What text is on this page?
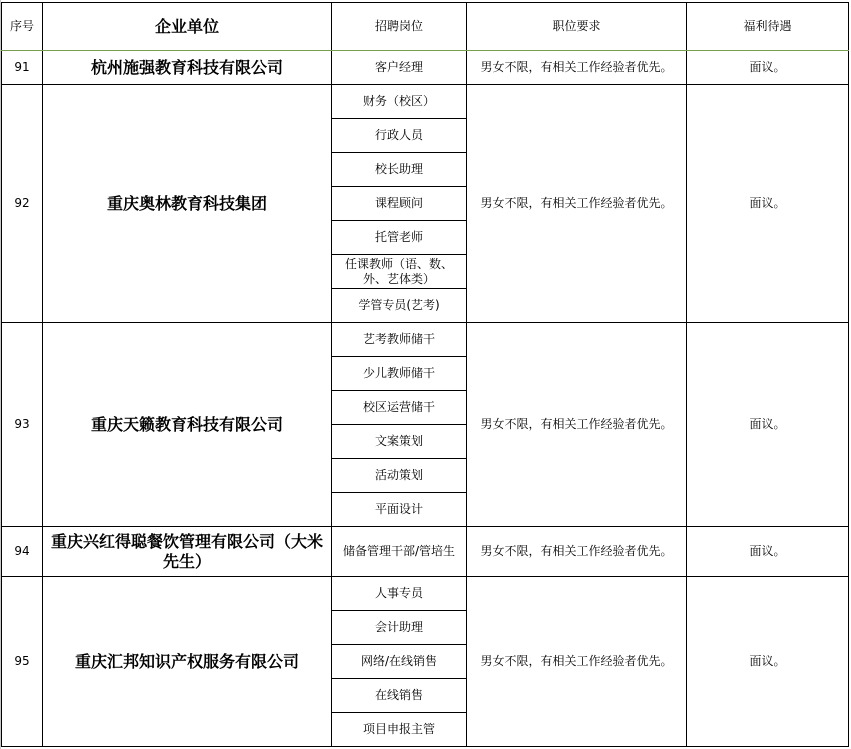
序号	企业单位	招聘岗位	职位要求	福利待遇
91	杭州施强教育科技有限公司	客户经理	男女不限，有相关工作经验者优先。	面议。
92	重庆奥林教育科技集团	财务（校区）	男女不限，有相关工作经验者优先。	面议。
		行政人员		
		校长助理		
		课程顾问		
		托管老师		
		任课教师（语、数、外、艺体类）		
		学管专员(艺考)		
93	重庆天籁教育科技有限公司	艺考教师储干	男女不限，有相关工作经验者优先。	面议。
		少儿教师储干		
		校区运营储干		
		文案策划		
		活动策划		
		平面设计		
94	重庆兴红得聪餐饮管理有限公司（大米先生）	储备管理干部/管培生	男女不限，有相关工作经验者优先。	面议。
95	重庆汇邦知识产权服务有限公司	人事专员	男女不限，有相关工作经验者优先。	面议。
		会计助理		
		网络/在线销售		
		在线销售		
		项目申报主管		
